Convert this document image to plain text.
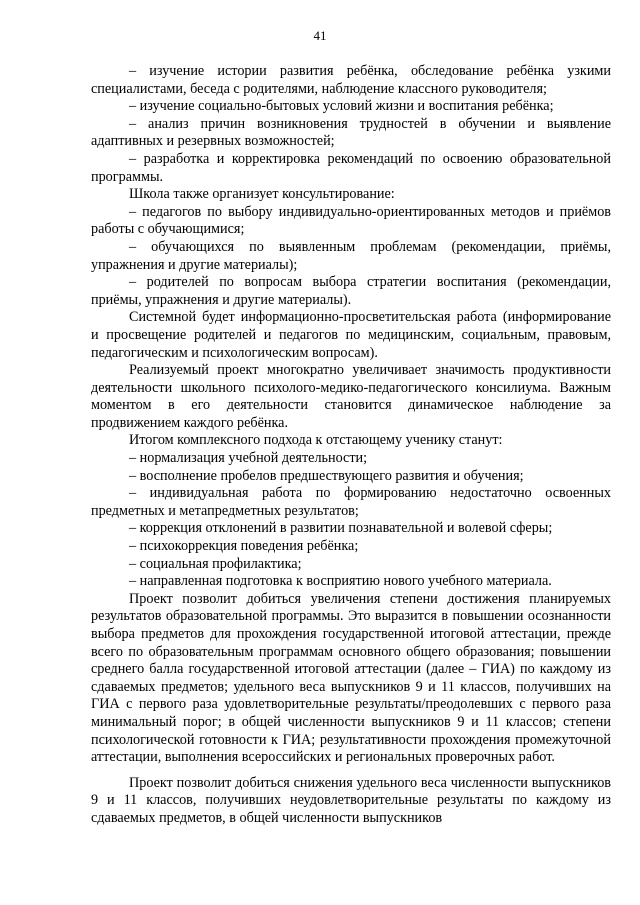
41

– изучение истории развития ребёнка, обследование ребёнка узкими специалистами, беседа с родителями, наблюдение классного руководителя;

– изучение социально-бытовых условий жизни и воспитания ребёнка;

– анализ причин возникновения трудностей в обучении и выявление адаптивных и резервных возможностей;

– разработка и корректировка рекомендаций по освоению образовательной программы.

Школа также организует консультирование:

– педагогов по выбору индивидуально-ориентированных методов и приёмов работы с обучающимися;

– обучающихся по выявленным проблемам (рекомендации, приёмы, упражнения и другие материалы);

– родителей по вопросам выбора стратегии воспитания (рекомендации, приёмы, упражнения и другие материалы).

Системной будет информационно-просветительская работа (информирование и просвещение родителей и педагогов по медицинским, социальным, правовым, педагогическим и психологическим вопросам).

Реализуемый проект многократно увеличивает значимость продуктивности деятельности школьного психолого-медико-педагогического консилиума. Важным моментом в его деятельности становится динамическое наблюдение за продвижением каждого ребёнка.

Итогом комплексного подхода к отстающему ученику станут:

– нормализация учебной деятельности;

– восполнение пробелов предшествующего развития и обучения;

– индивидуальная работа по формированию недостаточно освоенных предметных и метапредметных результатов;

– коррекция отклонений в развитии познавательной и волевой сферы;

– психокоррекция поведения ребёнка;

– социальная профилактика;

– направленная подготовка к восприятию нового учебного материала.

Проект позволит добиться увеличения степени достижения планируемых результатов образовательной программы. Это выразится в повышении осознанности выбора предметов для прохождения государственной итоговой аттестации, прежде всего по образовательным программам основного общего образования; повышении среднего балла государственной итоговой аттестации (далее – ГИА) по каждому из сдаваемых предметов; удельного веса выпускников 9 и 11 классов, получивших на ГИА с первого раза удовлетворительные результаты/преодолевших с первого раза минимальный порог; в общей численности выпускников 9 и 11 классов; степени психологической готовности к ГИА; результативности прохождения промежуточной аттестации, выполнения всероссийских и региональных проверочных работ.

Проект позволит добиться снижения удельного веса численности выпускников 9 и 11 классов, получивших неудовлетворительные результаты по каждому из сдаваемых предметов, в общей численности выпускников
